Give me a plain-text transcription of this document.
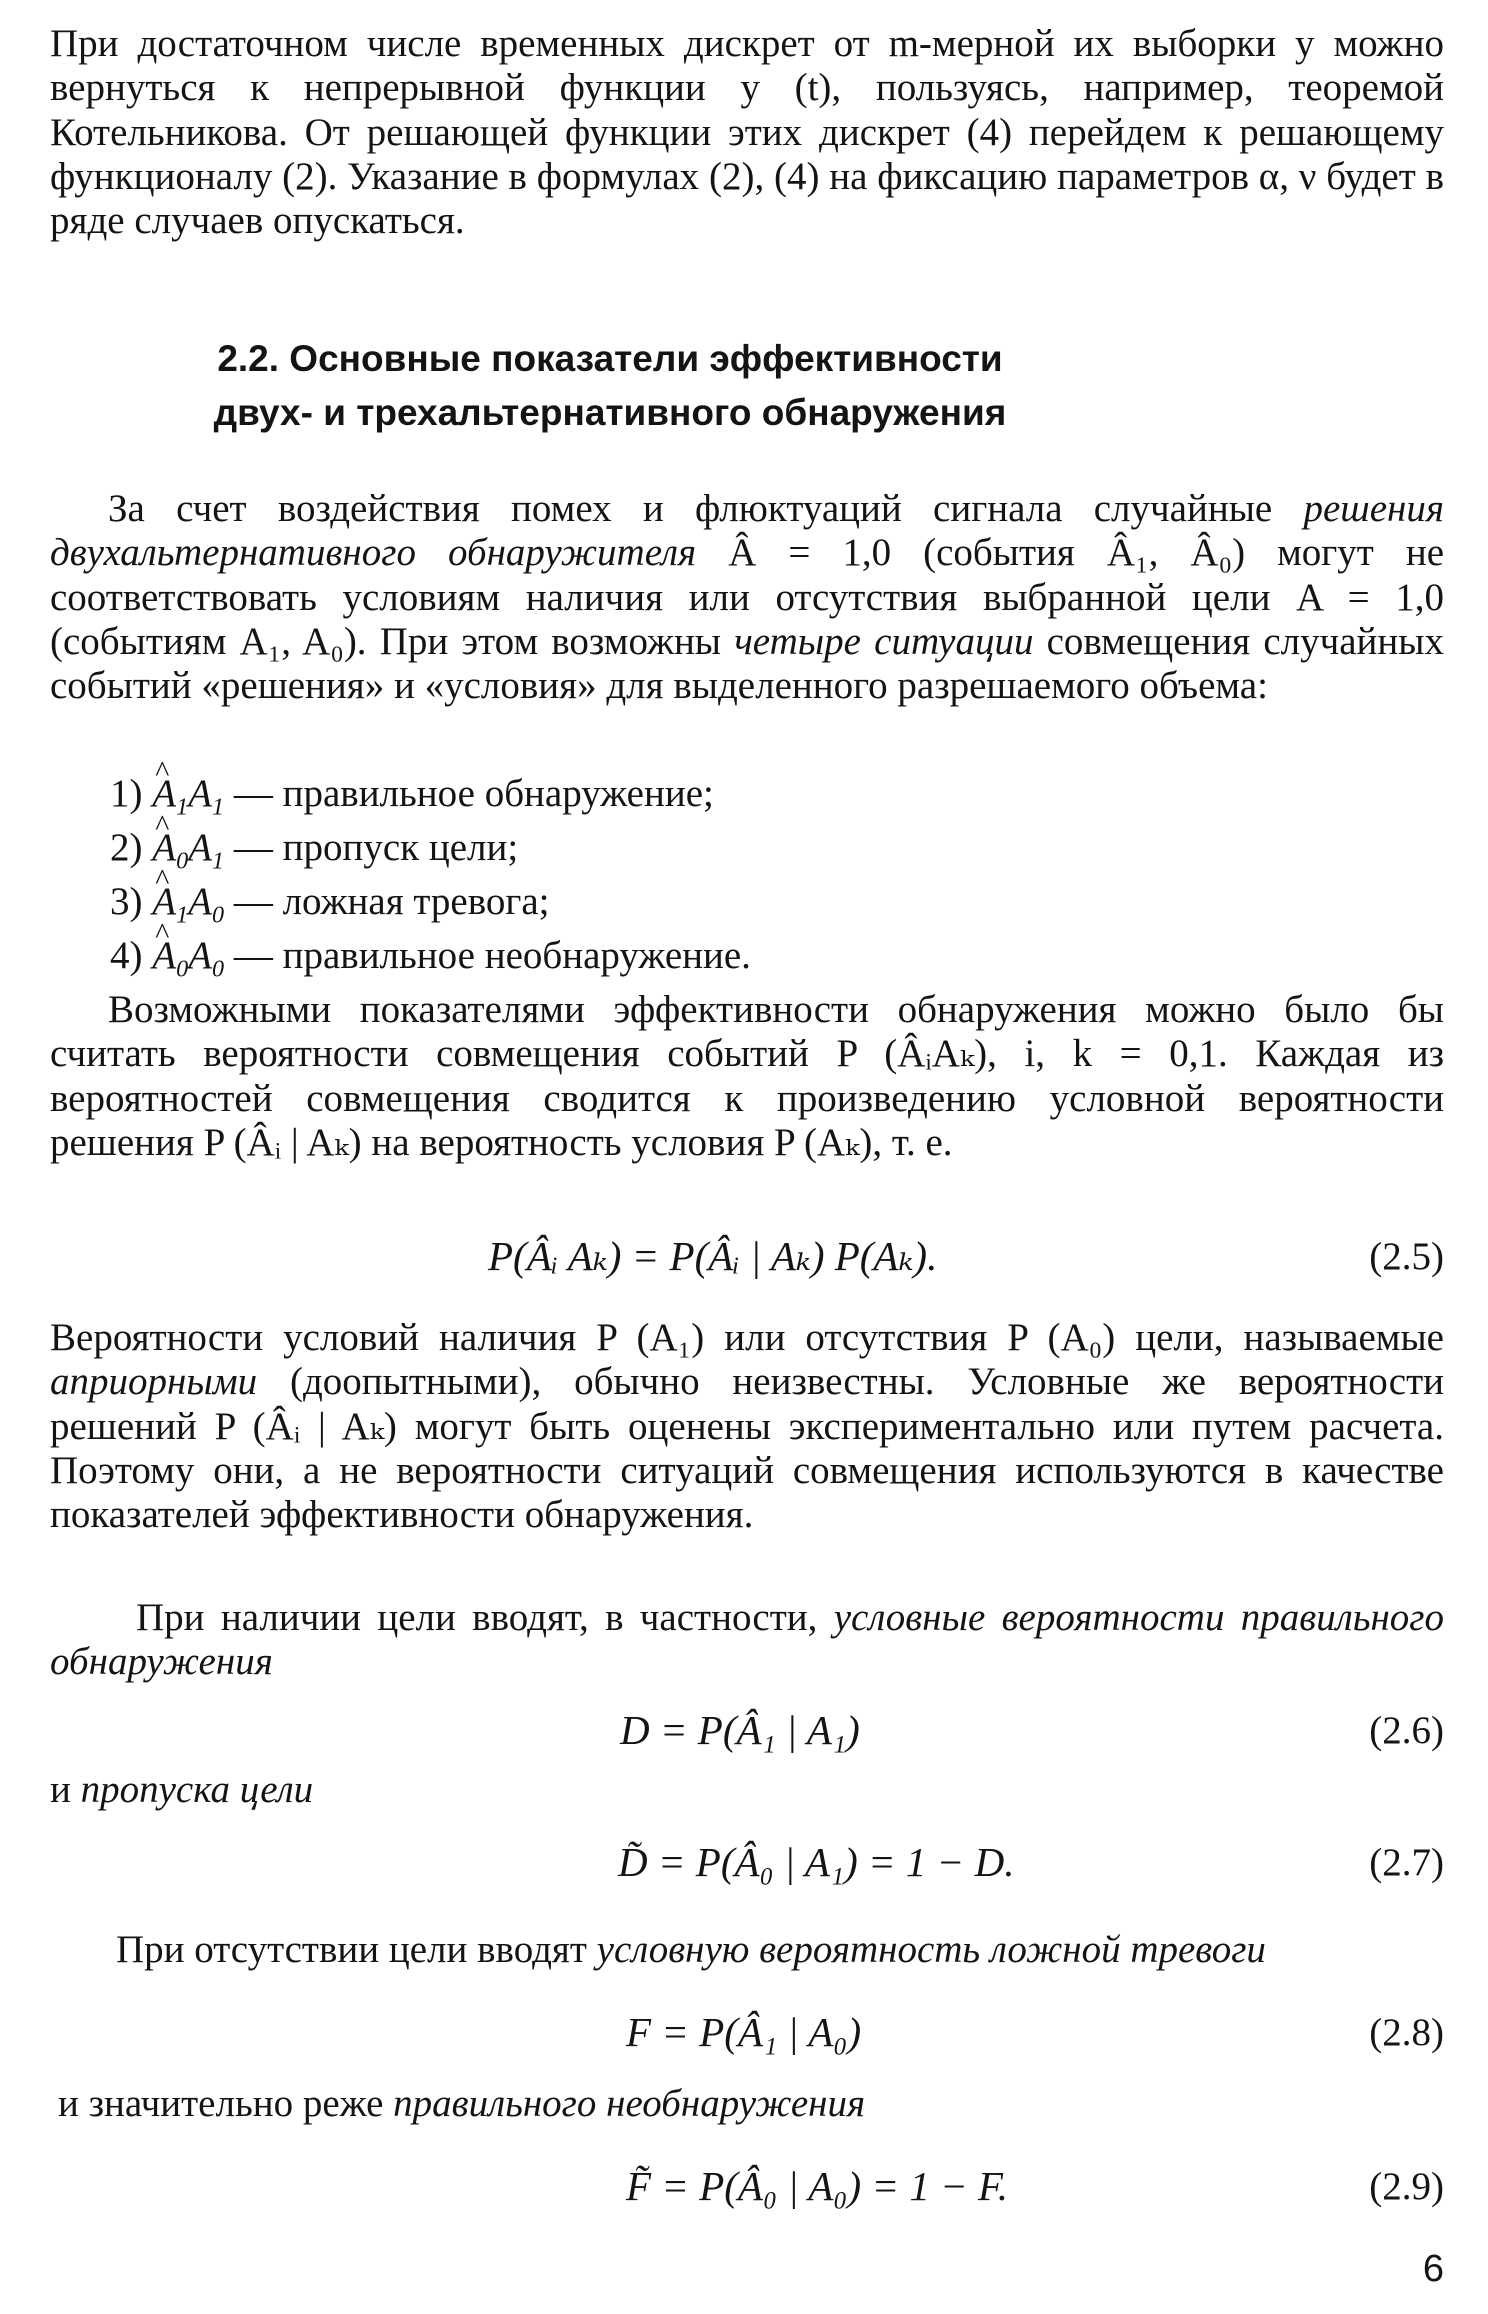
При достаточном числе временных дискрет от m-мерной их выборки y можно вернуться к непрерывной функции y (t), пользуясь, например, теоремой Котельникова. От решающей функции этих дискрет (4) перейдем к решающему функционалу (2). Указание в формулах (2), (4) на фиксацию параметров α, ν будет в ряде случаев опускаться.

2.2. Основные показатели эффективности
двух- и трехальтернативного обнаружения

За счет воздействия помех и флюктуаций сигнала случайные решения двухальтернативного обнаружителя Â = 1,0 (события Â₁, Â₀) могут не соответствовать условиям наличия или отсутствия выбранной цели A = 1,0 (событиям A₁, A₀). При этом возможны четыре ситуации совмещения случайных событий «решения» и «условия» для выделенного разрешаемого объема:

1) ^ $A_1A_1$ — правильное обнаружение;
2) ^ $A_0A_1$ — пропуск цели;
3) ^ $A_1A_0$ — ложная тревога;
4) ^ $A_0A_0$ — правильное необнаружение.

Возможными показателями эффективности обнаружения можно было бы считать вероятности совмещения событий P (ÂᵢAₖ), i, k = 0,1. Каждая из вероятностей совмещения сводится к произведению условной вероятности решения P (Âᵢ | Aₖ) на вероятность условия P (Aₖ), т. е.

P(Âᵢ Aₖ) = P(Âᵢ | Aₖ) P(Aₖ).	(2.5)

Вероятности условий наличия P (A₁) или отсутствия P (A₀) цели, называемые априорными (доопытными), обычно неизвестны. Условные же вероятности решений P (Âᵢ | Aₖ) могут быть оценены экспериментально или путем расчета. Поэтому они, а не вероятности ситуаций совмещения используются в качестве показателей эффективности обнаружения.

При наличии цели вводят, в частности, условные вероятности правильного обнаружения

D = P(Â₁ | A₁)	(2.6)

и пропуска цели

D̃ = P(Â₀ | A₁) = 1 − D.	(2.7)

При отсутствии цели вводят условную вероятность ложной тревоги

F = P(Â₁ | A₀)	(2.8)

и значительно реже правильного необнаружения

F̃ = P(Â₀ | A₀) = 1 − F.	(2.9)
6
